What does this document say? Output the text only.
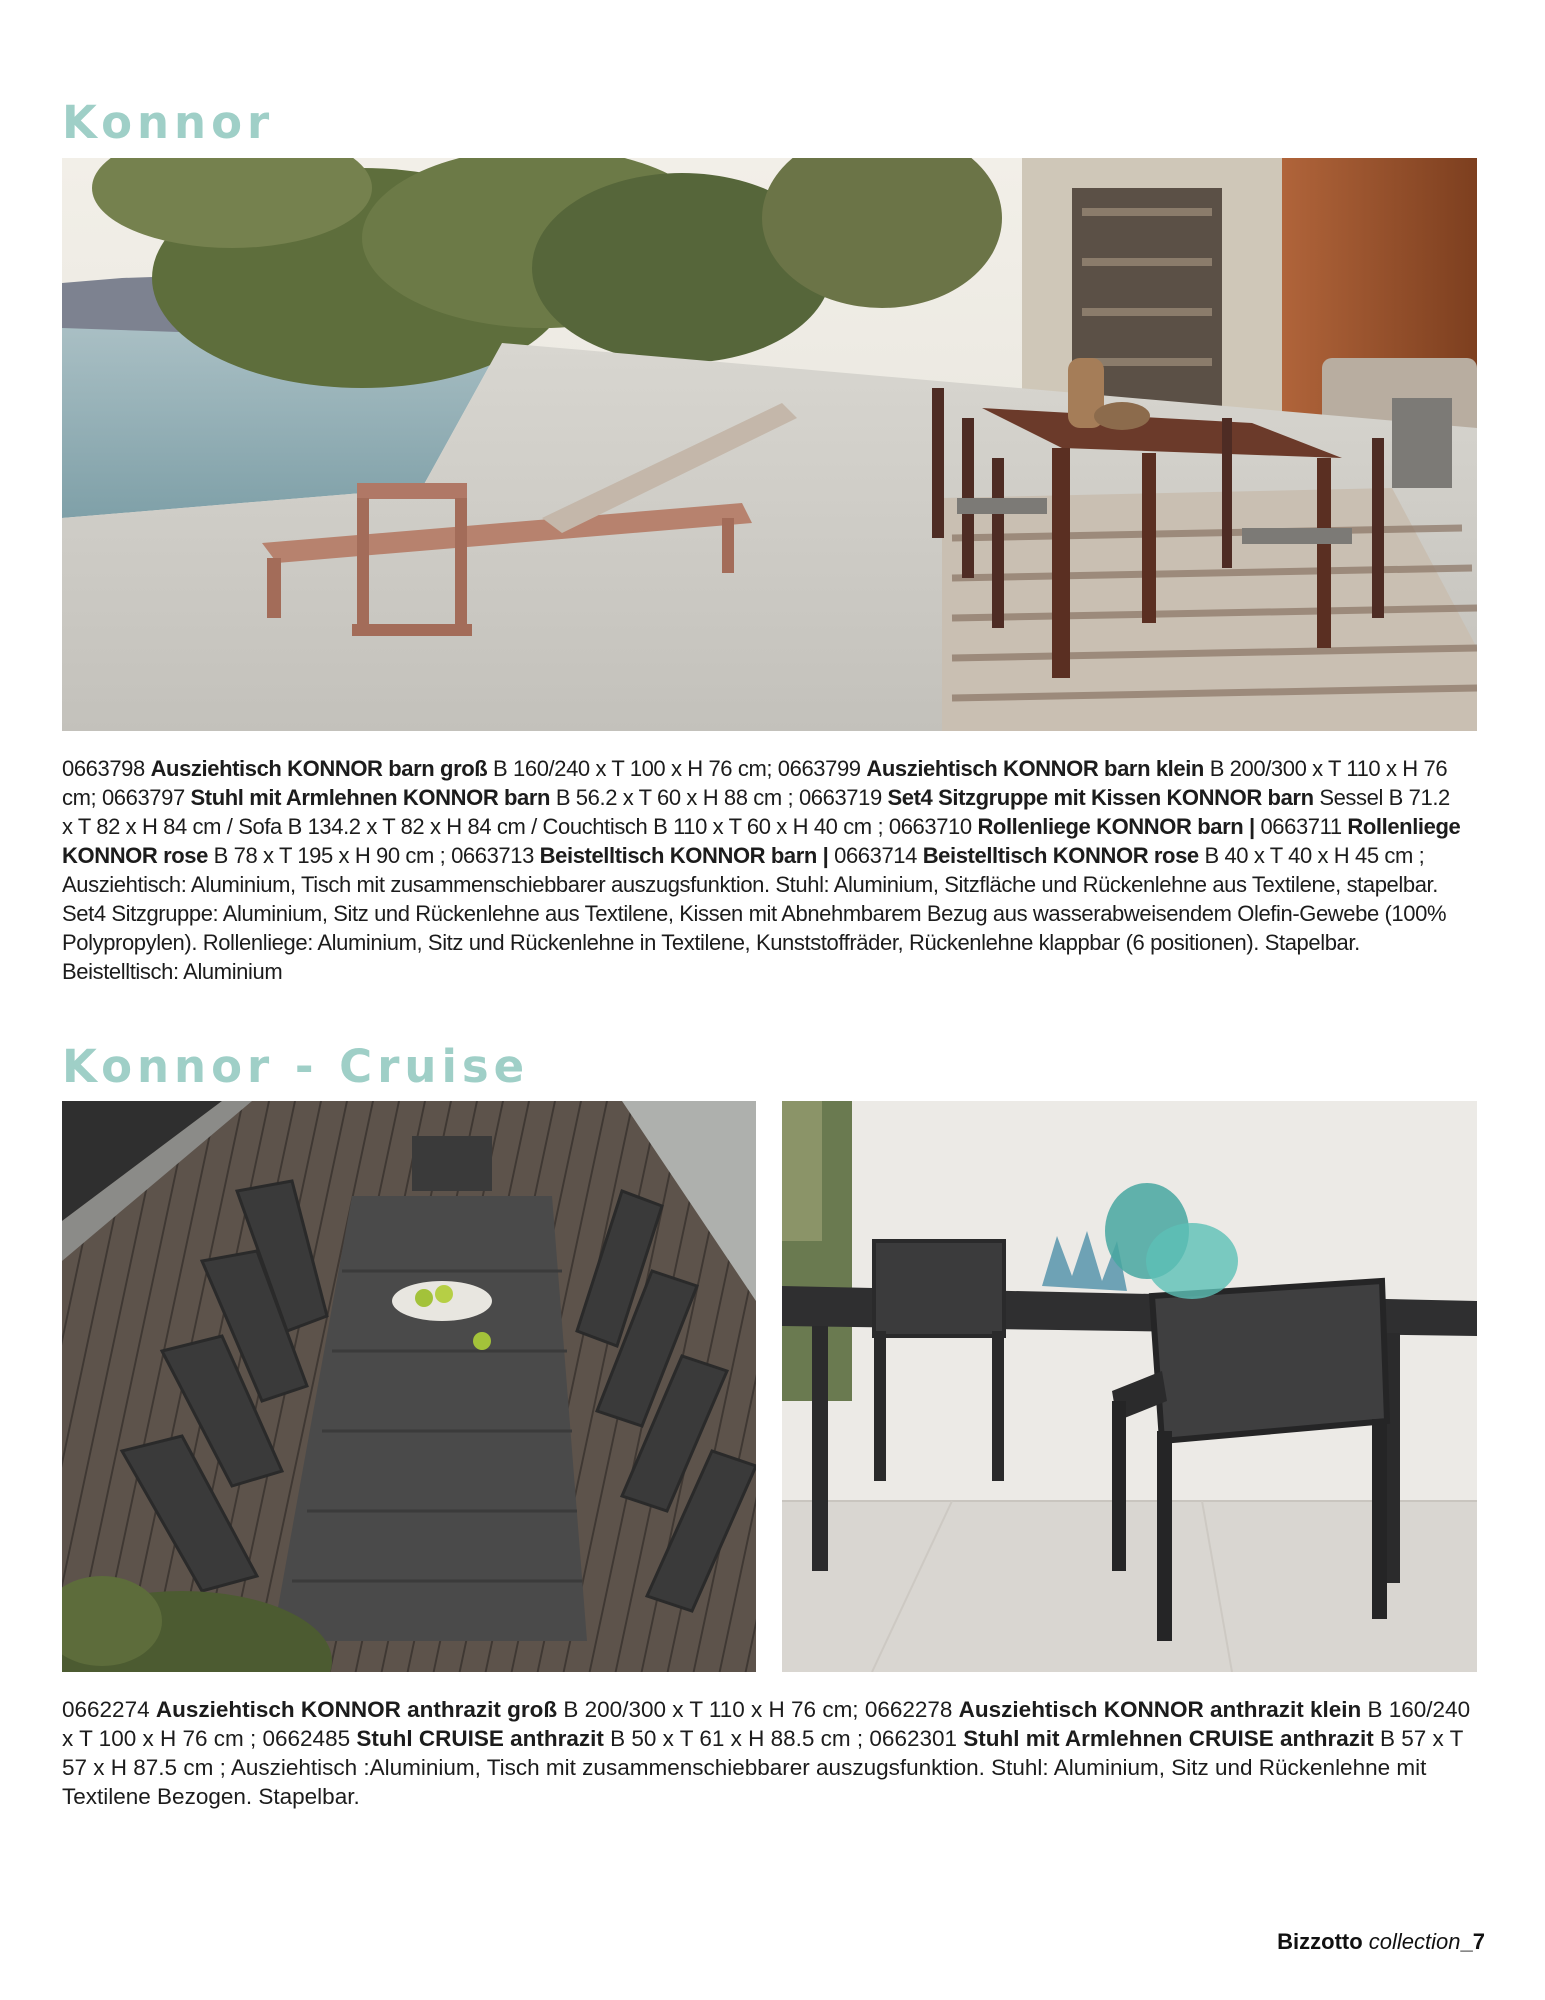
Konnor

0663798 Ausziehtisch KONNOR barn groß B 160/240 x T 100 x H 76 cm; 0663799 Ausziehtisch KONNOR barn klein B 200/300 x T 110 x H 76 cm; 0663797 Stuhl mit Armlehnen KONNOR barn B 56.2 x T 60 x H 88 cm ; 0663719 Set4 Sitzgruppe mit Kissen KONNOR barn Sessel B 71.2 x T 82 x H 84 cm / Sofa B 134.2 x T 82 x H 84 cm / Couchtisch B 110 x T 60 x H 40 cm ; 0663710 Rollenliege KONNOR barn | 0663711 Rollenliege KONNOR rose B 78 x T 195 x H 90 cm ; 0663713 Beistelltisch KONNOR barn | 0663714 Beistelltisch KONNOR rose B 40 x T 40 x H 45 cm ; Ausziehtisch: Aluminium, Tisch mit zusammenschiebbarer auszugsfunktion. Stuhl: Aluminium, Sitzfläche und Rückenlehne aus Textilene, stapelbar. Set4 Sitzgruppe: Aluminium, Sitz und Rückenlehne aus Textilene, Kissen mit Abnehmbarem Bezug aus wasserabweisendem Olefin-Gewebe (100% Polypropylen). Rollenliege: Aluminium, Sitz und Rückenlehne in Textilene, Kunststoffräder, Rückenlehne klappbar (6 positionen). Stapelbar. Beistelltisch: Aluminium

Konnor - Cruise

0662274 Ausziehtisch KONNOR anthrazit groß B 200/300 x T 110 x H 76 cm; 0662278 Ausziehtisch KONNOR anthrazit klein B 160/240 x T 100 x H 76 cm ; 0662485 Stuhl CRUISE anthrazit B 50 x T 61 x H 88.5 cm ; 0662301 Stuhl mit Armlehnen CRUISE anthrazit B 57 x T 57 x H 87.5 cm ; Ausziehtisch :Aluminium, Tisch mit zusammenschiebbarer auszugsfunktion. Stuhl: Aluminium, Sitz und Rückenlehne mit Textilene Bezogen. Stapelbar.

Bizzotto collection_7
